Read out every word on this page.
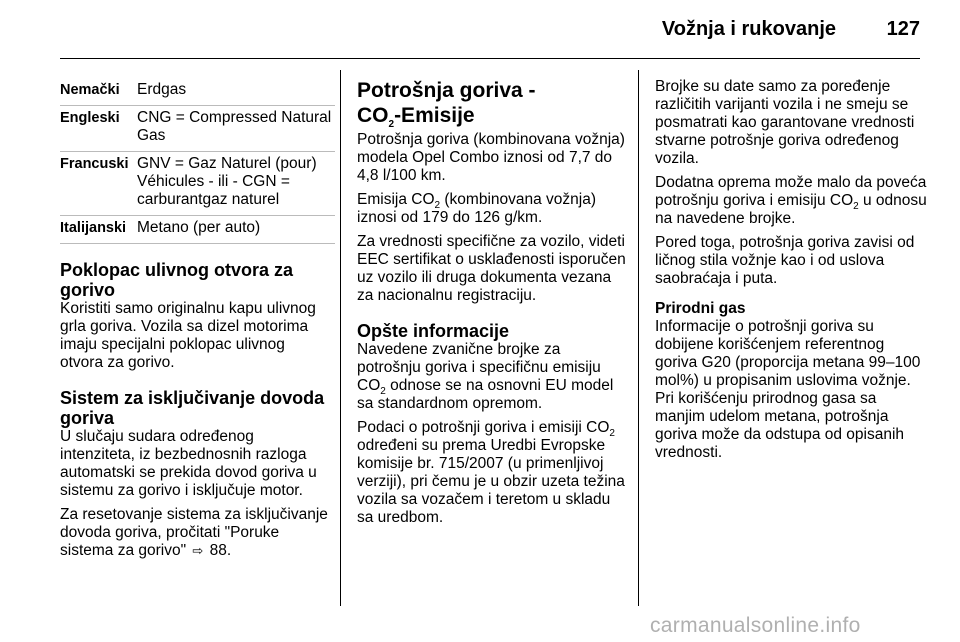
Vožnja i rukovanje	127
Nemački	Erdgas
Engleski	CNG = Compressed Natural Gas
Francuski	GNV = Gaz Naturel (pour) Véhicules - ili - CGN = carburantgaz naturel
Italijanski	Metano (per auto)
Poklopac ulivnog otvora za gorivo

Koristiti samo originalnu kapu ulivnog grla goriva. Vozila sa dizel motorima imaju specijalni poklopac ulivnog otvora za gorivo.

Sistem za isključivanje dovoda goriva

U slučaju sudara određenog intenziteta, iz bezbednosnih razloga automatski se prekida dovod goriva u sistemu za gorivo i isključuje motor.

Za resetovanje sistema za isključivanje dovoda goriva, pročitati "Poruke sistema za gorivo" ⇨ 88.

Potrošnja goriva -
$CO_2$-Emisije

Potrošnja goriva (kombinovana vožnja) modela Opel Combo iznosi od 7,7 do 4,8 l/100 km.

Emisija $CO_2$ (kombinovana vožnja) iznosi od 179 do 126 g/km.

Za vrednosti specifične za vozilo, videti EEC sertifikat o usklađenosti isporučen uz vozilo ili druga dokumenta vezana za nacionalnu registraciju.

Opšte informacije

Navedene zvanične brojke za potrošnju goriva i specifičnu emisiju $CO_2$ odnose se na osnovni EU model sa standardnom opremom.

Podaci o potrošnji goriva i emisiji $CO_2$ određeni su prema Uredbi Evropske komisije br. 715/2007 (u primenljivoj verziji), pri čemu je u obzir uzeta težina vozila sa vozačem i teretom u skladu sa uredbom.

Brojke su date samo za poređenje različitih varijanti vozila i ne smeju se posmatrati kao garantovane vrednosti stvarne potrošnje goriva određenog vozila.

Dodatna oprema može malo da poveća potrošnju goriva i emisiju $CO_2$ u odnosu na navedene brojke.

Pored toga, potrošnja goriva zavisi od ličnog stila vožnje kao i od uslova saobraćaja i puta.

Prirodni gas

Informacije o potrošnji goriva su dobijene korišćenjem referentnog goriva G20 (proporcija metana 99–100 mol%) u propisanim uslovima vožnje. Pri korišćenju prirodnog gasa sa manjim udelom metana, potrošnja goriva može da odstupa od opisanih vrednosti.

carmanualsonline.info
